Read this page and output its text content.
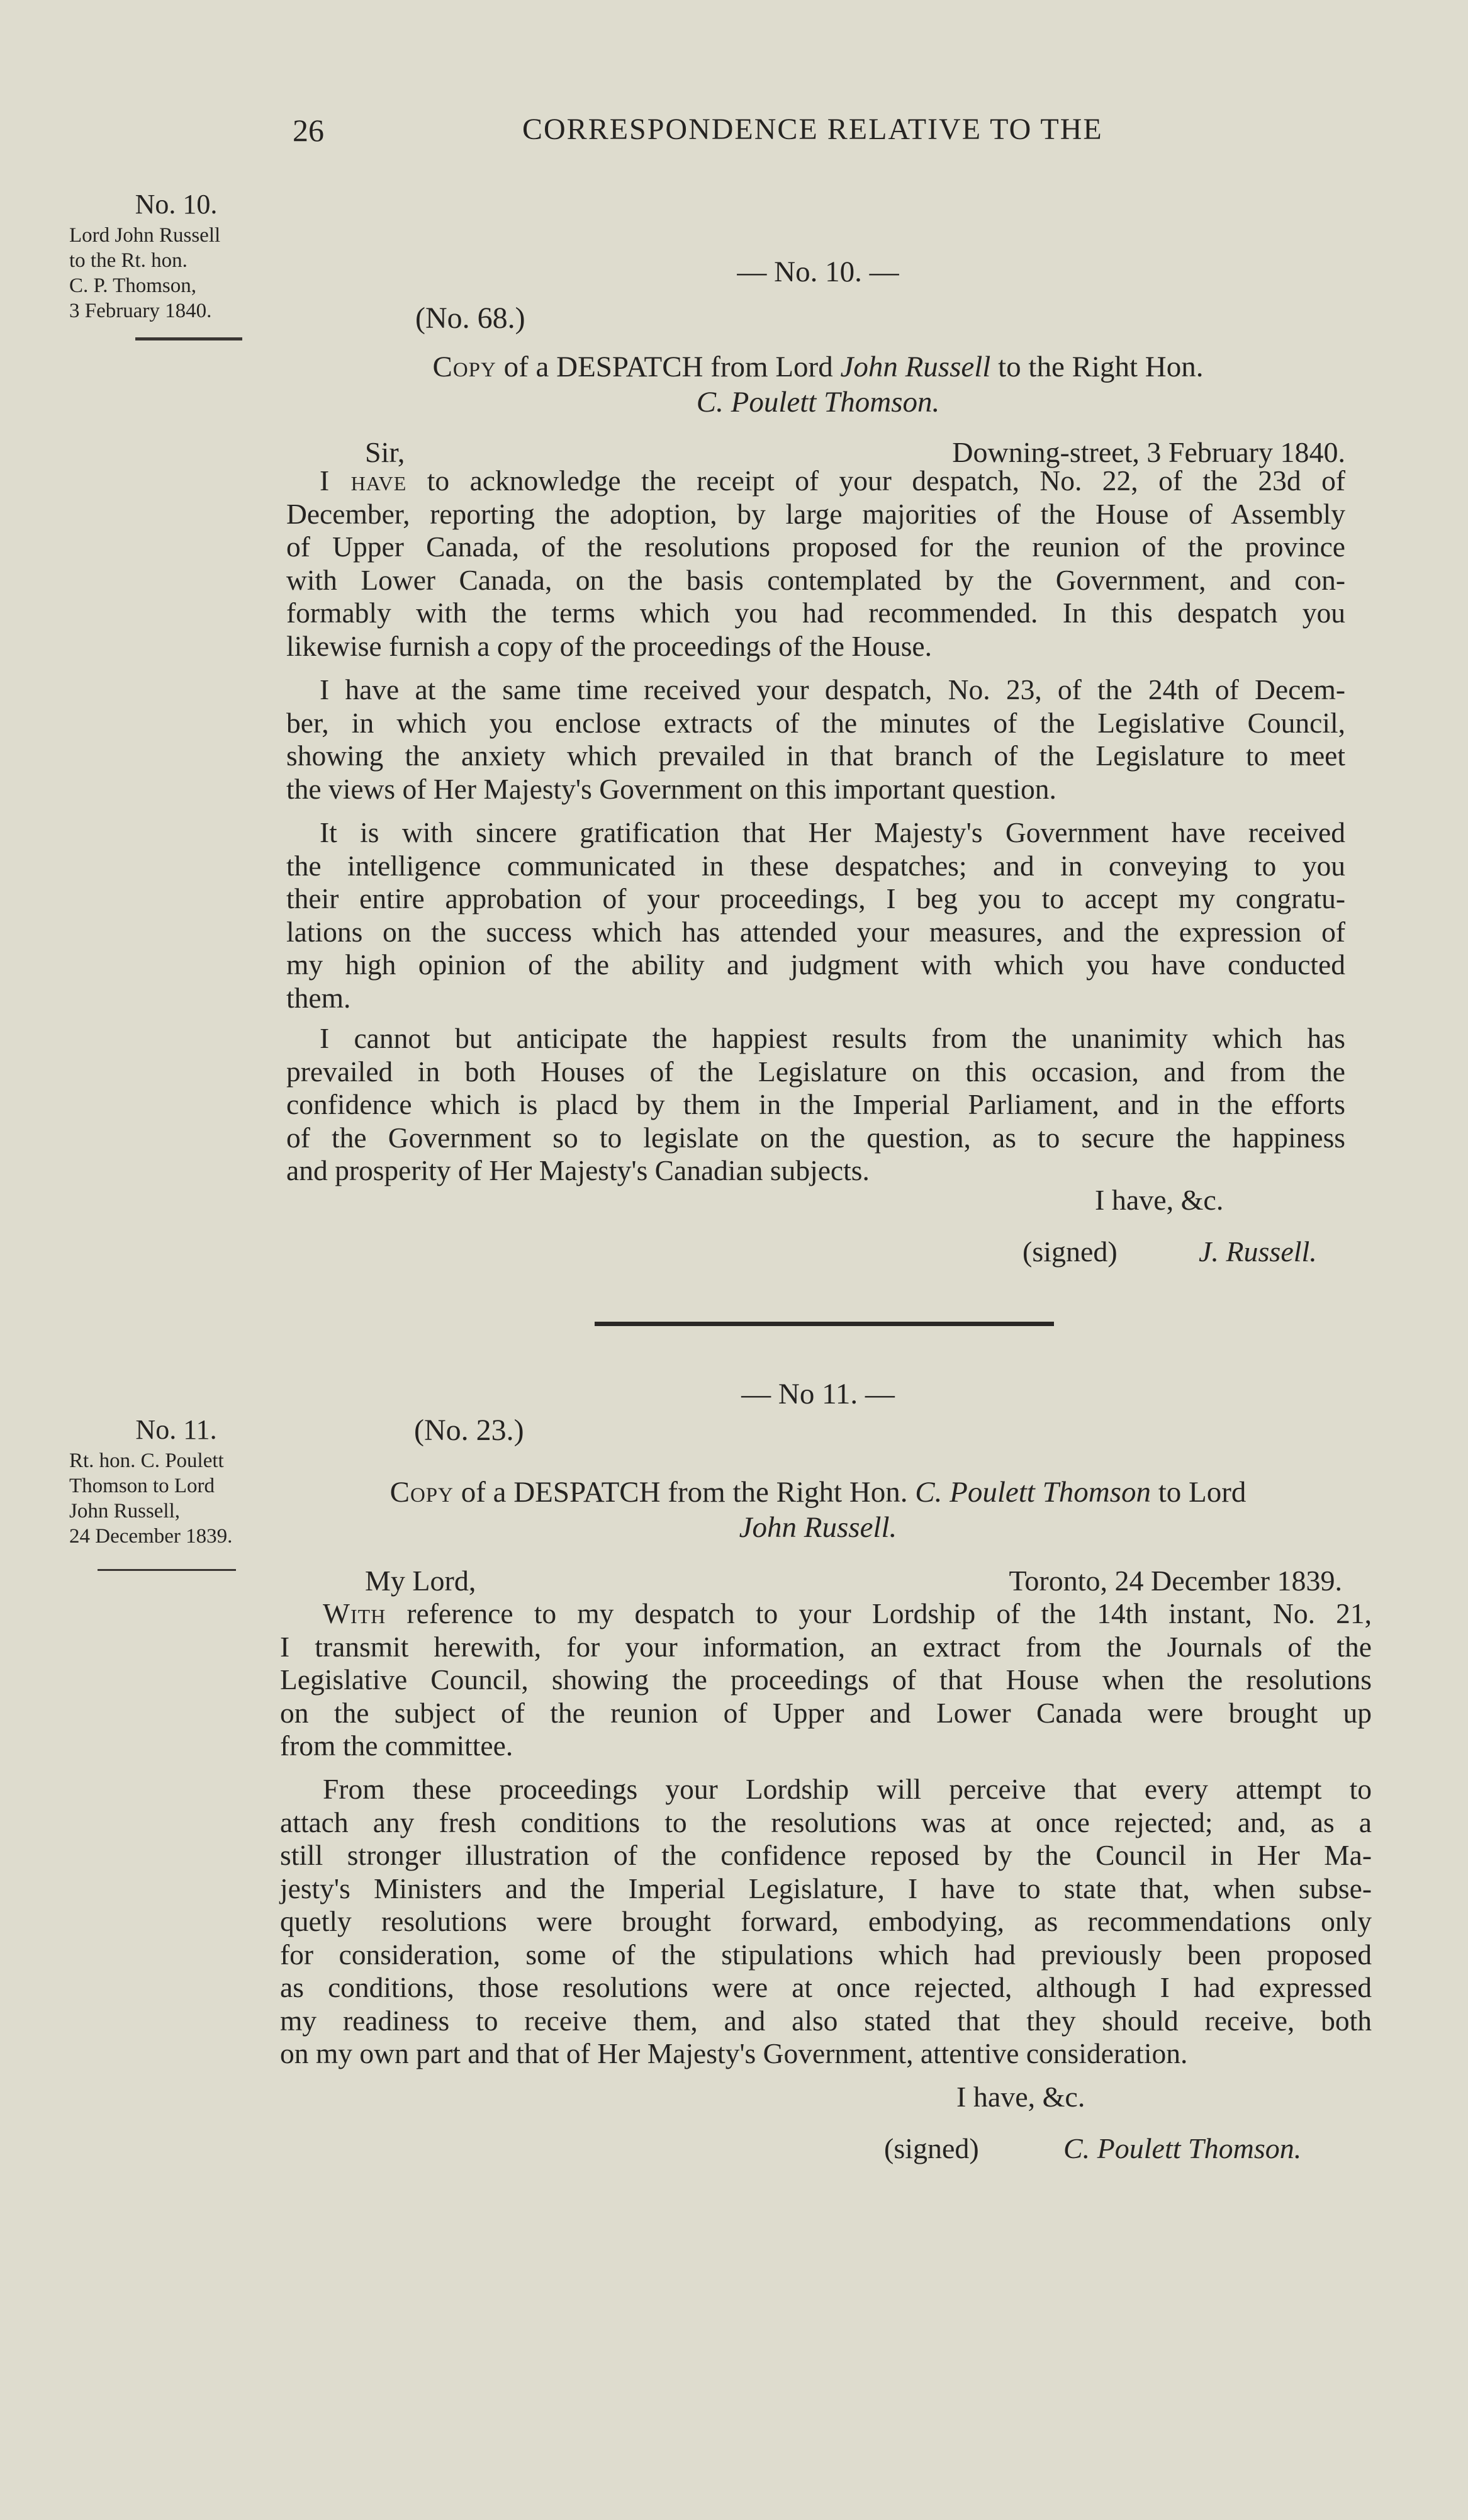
26	CORRESPONDENCE RELATIVE TO THE
No. 10.
Lord John Russell
to the Rt. hon.
C. P. Thomson,
3 February 1840.
— No. 10. —
(No. 68.)
Copy of a DESPATCH from Lord John Russell to the Right Hon.
C. Poulett Thomson.
Sir,	Downing-street, 3 February 1840.
I have to acknowledge the receipt of your despatch, No. 22, of the 23d of
December, reporting the adoption, by large majorities of the House of Assembly
of Upper Canada, of the resolutions proposed for the reunion of the province
with Lower Canada, on the basis contemplated by the Government, and con-
formably with the terms which you had recommended. In this despatch you
likewise furnish a copy of the proceedings of the House.
I have at the same time received your despatch, No. 23, of the 24th of Decem-
ber, in which you enclose extracts of the minutes of the Legislative Council,
showing the anxiety which prevailed in that branch of the Legislature to meet
the views of Her Majesty's Government on this important question.
It is with sincere gratification that Her Majesty's Government have received
the intelligence communicated in these despatches; and in conveying to you
their entire approbation of your proceedings, I beg you to accept my congratu-
lations on the success which has attended your measures, and the expression of
my high opinion of the ability and judgment with which you have conducted
them.
I cannot but anticipate the happiest results from the unanimity which has
prevailed in both Houses of the Legislature on this occasion, and from the
confidence which is placd by them in the Imperial Parliament, and in the efforts
of the Government so to legislate on the question, as to secure the happiness
and prosperity of Her Majesty's Canadian subjects.
I have, &c.
(signed)	J. Russell.
— No 11. —
(No. 23.)
No. 11.
Rt. hon. C. Poulett
Thomson to Lord
John Russell,
24 December 1839.
Copy of a DESPATCH from the Right Hon. C. Poulett Thomson to Lord
John Russell.
My Lord,	Toronto, 24 December 1839.
With reference to my despatch to your Lordship of the 14th instant, No. 21,
I transmit herewith, for your information, an extract from the Journals of the
Legislative Council, showing the proceedings of that House when the resolutions
on the subject of the reunion of Upper and Lower Canada were brought up
from the committee.
From these proceedings your Lordship will perceive that every attempt to
attach any fresh conditions to the resolutions was at once rejected; and, as a
still stronger illustration of the confidence reposed by the Council in Her Ma-
jesty's Ministers and the Imperial Legislature, I have to state that, when subse-
quetly resolutions were brought forward, embodying, as recommendations only
for consideration, some of the stipulations which had previously been proposed
as conditions, those resolutions were at once rejected, although I had expressed
my readiness to receive them, and also stated that they should receive, both
on my own part and that of Her Majesty's Government, attentive consideration.
I have, &c.
(signed)	C. Poulett Thomson.
